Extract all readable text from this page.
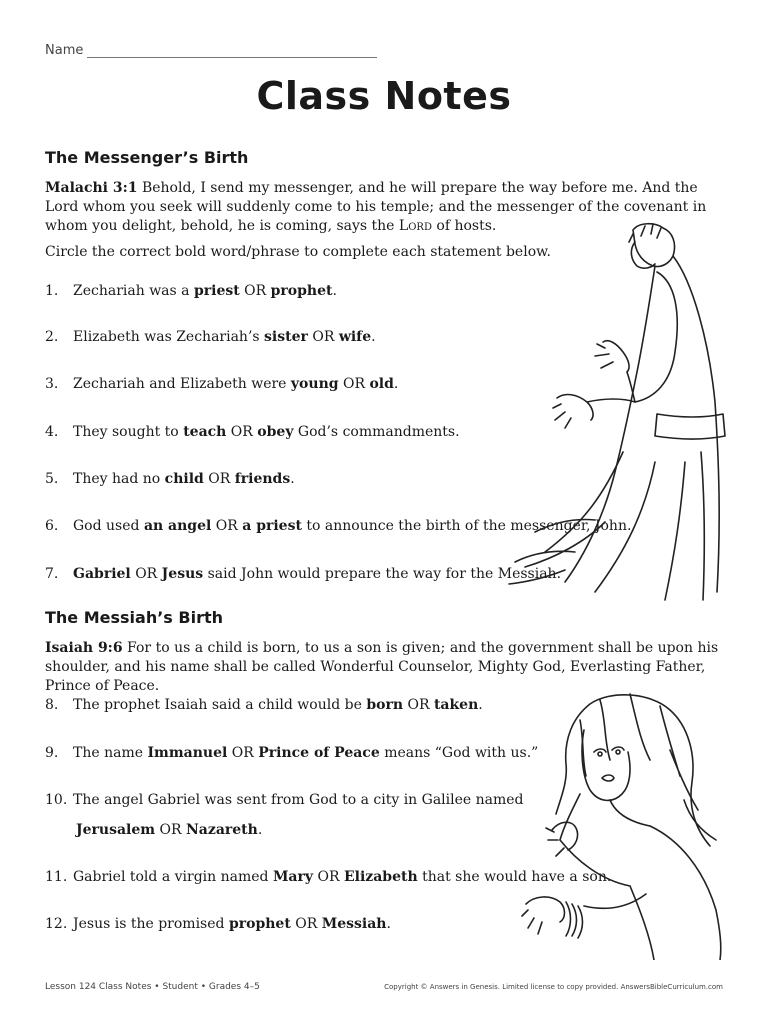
Name
Class Notes
The Messenger’s Birth
Malachi 3:1 Behold, I send my messenger, and he will prepare the way before me. And the Lord whom you seek will suddenly come to his temple; and the messenger of the covenant in whom you delight, behold, he is coming, says the Lord of hosts.
Circle the correct bold word/phrase to complete each statement below.
1. Zechariah was a priest OR prophet.
2. Elizabeth was Zechariah’s sister OR wife.
3. Zechariah and Elizabeth were young OR old.
4. They sought to teach OR obey God’s commandments.
5. They had no child OR friends.
6. God used an angel OR a priest to announce the birth of the messenger, John.
7. Gabriel OR Jesus said John would prepare the way for the Messiah.
The Messiah’s Birth
Isaiah 9:6 For to us a child is born, to us a son is given; and the government shall be upon his shoulder, and his name shall be called Wonderful Counselor, Mighty God, Everlasting Father, Prince of Peace.
8. The prophet Isaiah said a child would be born OR taken.
9. The name Immanuel OR Prince of Peace means “God with us.”
10. The angel Gabriel was sent from God to a city in Galilee named
Jerusalem OR Nazareth.
11. Gabriel told a virgin named Mary OR Elizabeth that she would have a son.
12. Jesus is the promised prophet OR Messiah.
Lesson 124 Class Notes • Student • Grades 4–5	Copyright © Answers in Genesis. Limited license to copy provided. AnswersBibleCurriculum.com
